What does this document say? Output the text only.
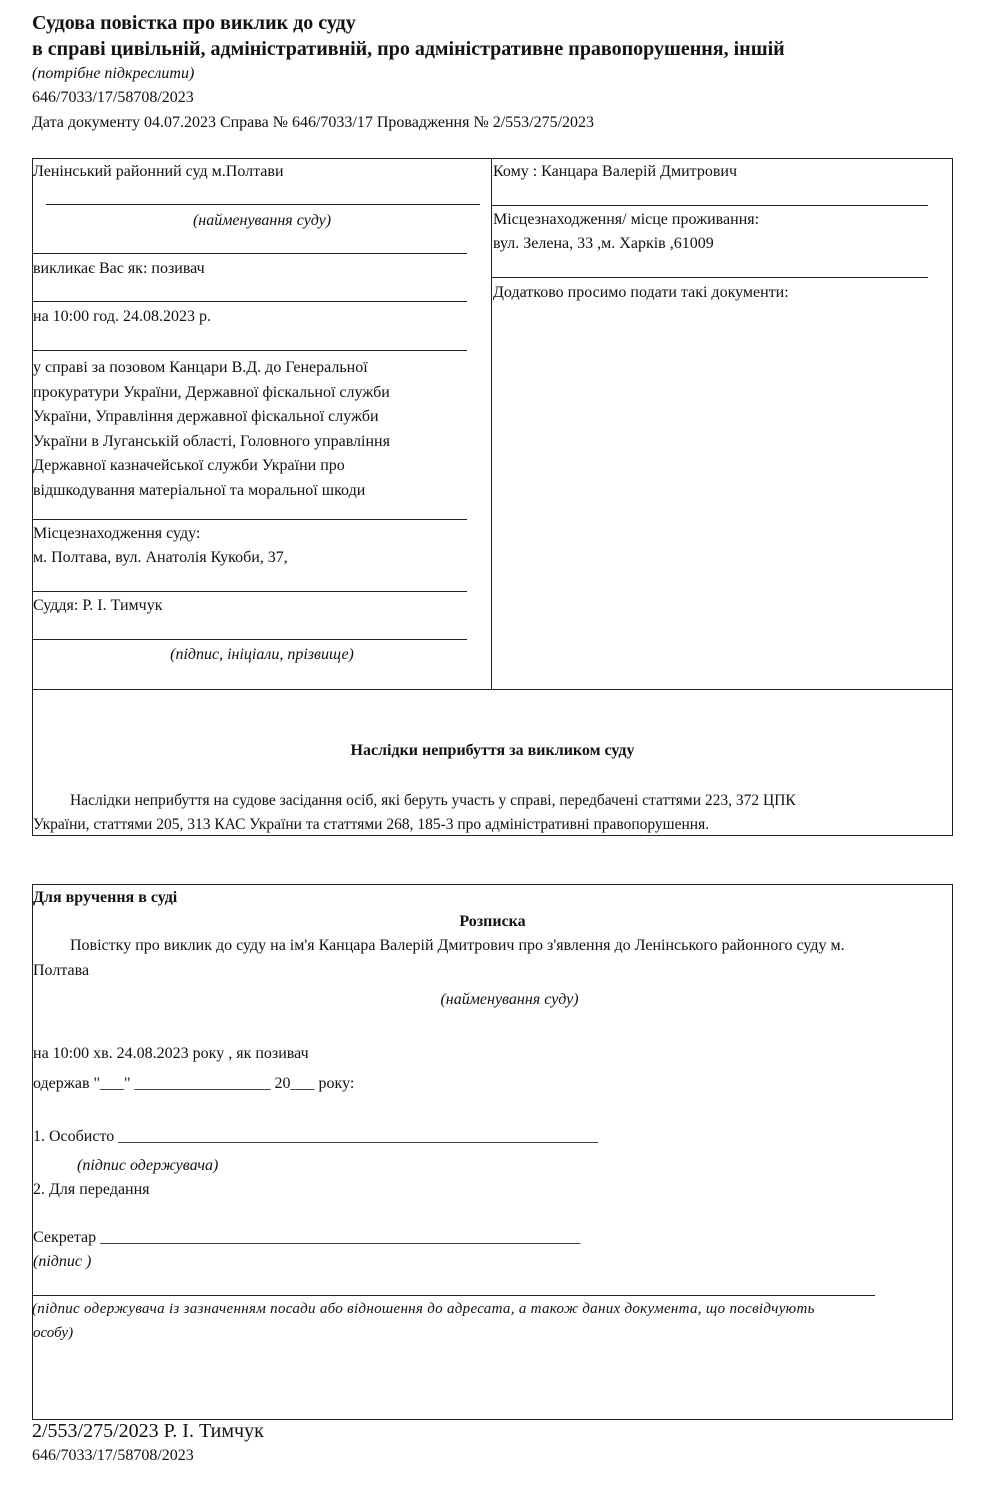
Судова повістка про виклик до суду
в справі цивільній, адміністративній, про адміністративне правопорушення, іншій
(потрібне підкреслити)
646/7033/17/58708/2023
Дата документу 04.07.2023 Справа № 646/7033/17 Провадження № 2/553/275/2023
Ленінський районний суд м.Полтави
(найменування суду)
викликає Вас як: позивач
на 10:00 год. 24.08.2023 р.
у справі за позовом Канцари В.Д. до Генеральної
прокуратури України, Державної фіскальної служби
України, Управління державної фіскальної служби
України в Луганській області, Головного управління
Державної казначейської служби України про
відшкодування матеріальної та моральної шкоди
Місцезнаходження суду:
м. Полтава, вул. Анатолія Кукоби, 37,
Суддя: Р. І. Тимчук
(підпис, ініціали, прізвище)
Кому : Канцара Валерій Дмитрович
Місцезнаходження/ місце проживання:
вул. Зелена, 33 ,м. Харків ,61009
Додатково просимо подати такі документи:
Наслідки неприбуття за викликом суду
Наслідки неприбуття на судове засідання осіб, які беруть участь у справі, передбачені статтями 223, 372 ЦПК
України, статтями 205, 313 КАС України та статтями 268, 185-3 про адміністративні правопорушення.
Для вручення в суді
Розписка
Повістку про виклик до суду на ім'я Канцара Валерій Дмитрович про з'явлення до Ленінського районного суду м.
Полтава
(найменування суду)
на 10:00 хв. 24.08.2023 року , як позивач
одержав "___" _________________ 20___ року:
1. Особисто ____________________________________________________________
(підпис одержувача)
2. Для передання
Секретар ____________________________________________________________
(підпис )
(підпис одержувача із зазначенням посади або відношення до адресата, а також даних документа, що посвідчують
особу)
2/553/275/2023 Р. І. Тимчук
646/7033/17/58708/2023
